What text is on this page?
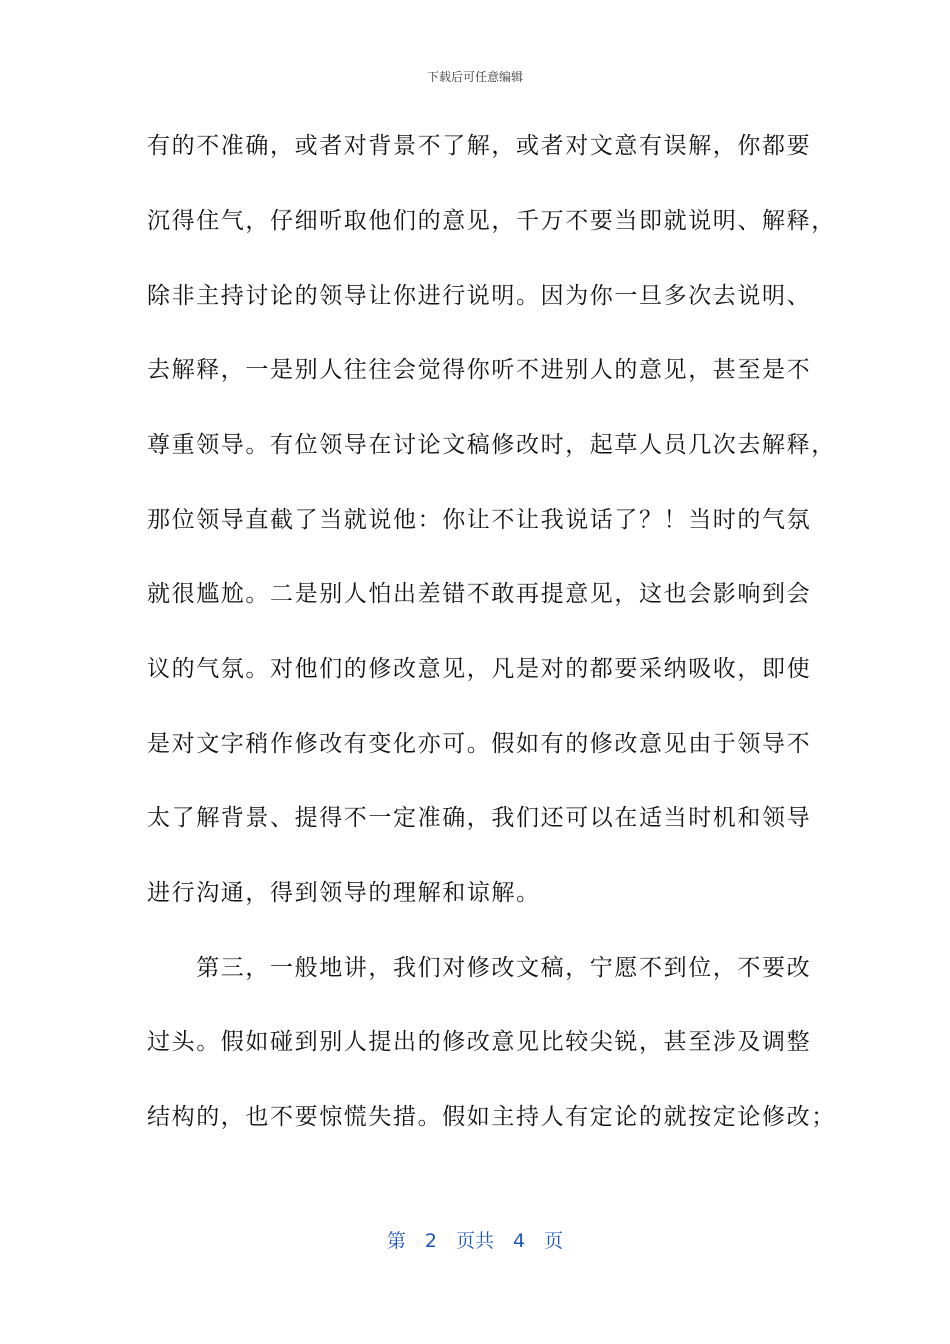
下载后可任意编辑
有的不准确，或者对背景不了解，或者对文意有误解，你都要
沉得住气，仔细听取他们的意见，千万不要当即就说明、解释，
除非主持讨论的领导让你进行说明。因为你一旦多次去说明、
去解释，一是别人往往会觉得你听不进别人的意见，甚至是不
尊重领导。有位领导在讨论文稿修改时，起草人员几次去解释，
那位领导直截了当就说他：你让不让我说话了？！当时的气氛
就很尴尬。二是别人怕出差错不敢再提意见，这也会影响到会
议的气氛。对他们的修改意见，凡是对的都要采纳吸收，即使
是对文字稍作修改有变化亦可。假如有的修改意见由于领导不
太了解背景、提得不一定准确，我们还可以在适当时机和领导
进行沟通，得到领导的理解和谅解。
　　第三，一般地讲，我们对修改文稿，宁愿不到位，不要改
过头。假如碰到别人提出的修改意见比较尖锐，甚至涉及调整
结构的，也不要惊慌失措。假如主持人有定论的就按定论修改；
第　2　页共　4　页
